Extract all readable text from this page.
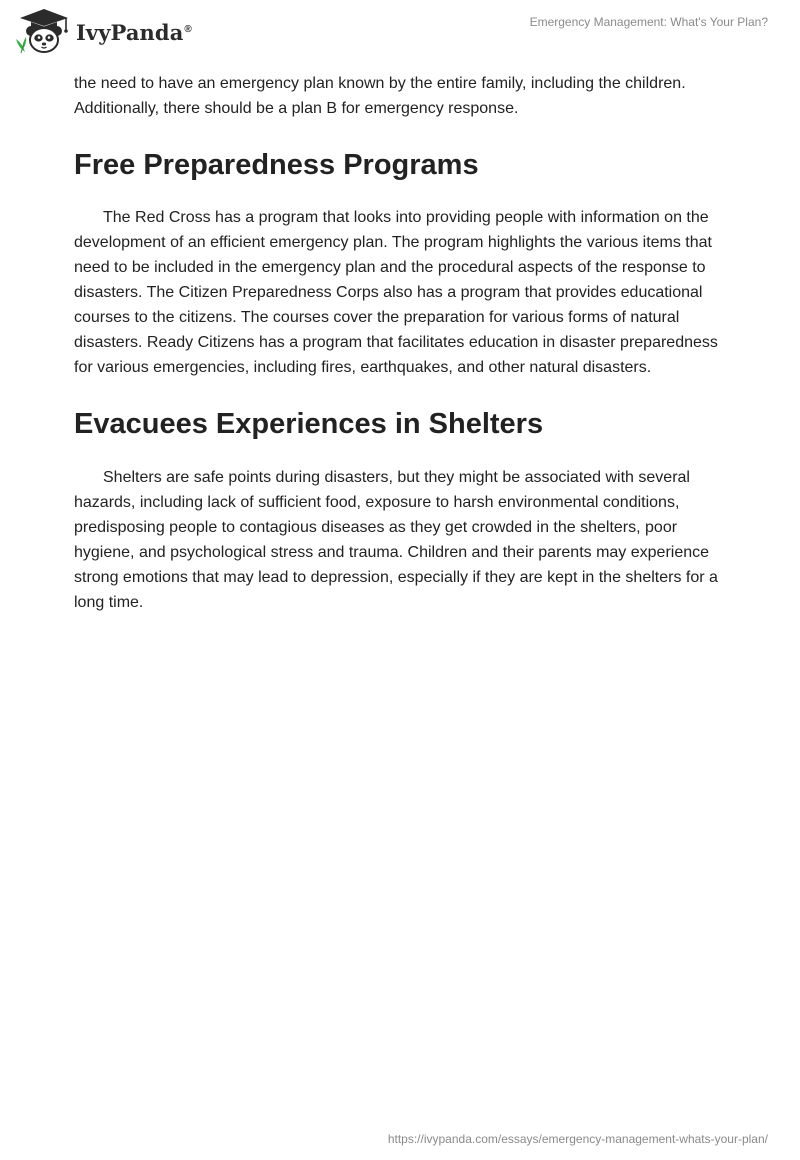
IvyPanda®	Emergency Management: What's Your Plan?

the need to have an emergency plan known by the entire family, including the children. Additionally, there should be a plan B for emergency response.

Free Preparedness Programs

The Red Cross has a program that looks into providing people with information on the development of an efficient emergency plan. The program highlights the various items that need to be included in the emergency plan and the procedural aspects of the response to disasters. The Citizen Preparedness Corps also has a program that provides educational courses to the citizens. The courses cover the preparation for various forms of natural disasters. Ready Citizens has a program that facilitates education in disaster preparedness for various emergencies, including fires, earthquakes, and other natural disasters.

Evacuees Experiences in Shelters

Shelters are safe points during disasters, but they might be associated with several hazards, including lack of sufficient food, exposure to harsh environmental conditions, predisposing people to contagious diseases as they get crowded in the shelters, poor hygiene, and psychological stress and trauma. Children and their parents may experience strong emotions that may lead to depression, especially if they are kept in the shelters for a long time.

https://ivypanda.com/essays/emergency-management-whats-your-plan/
